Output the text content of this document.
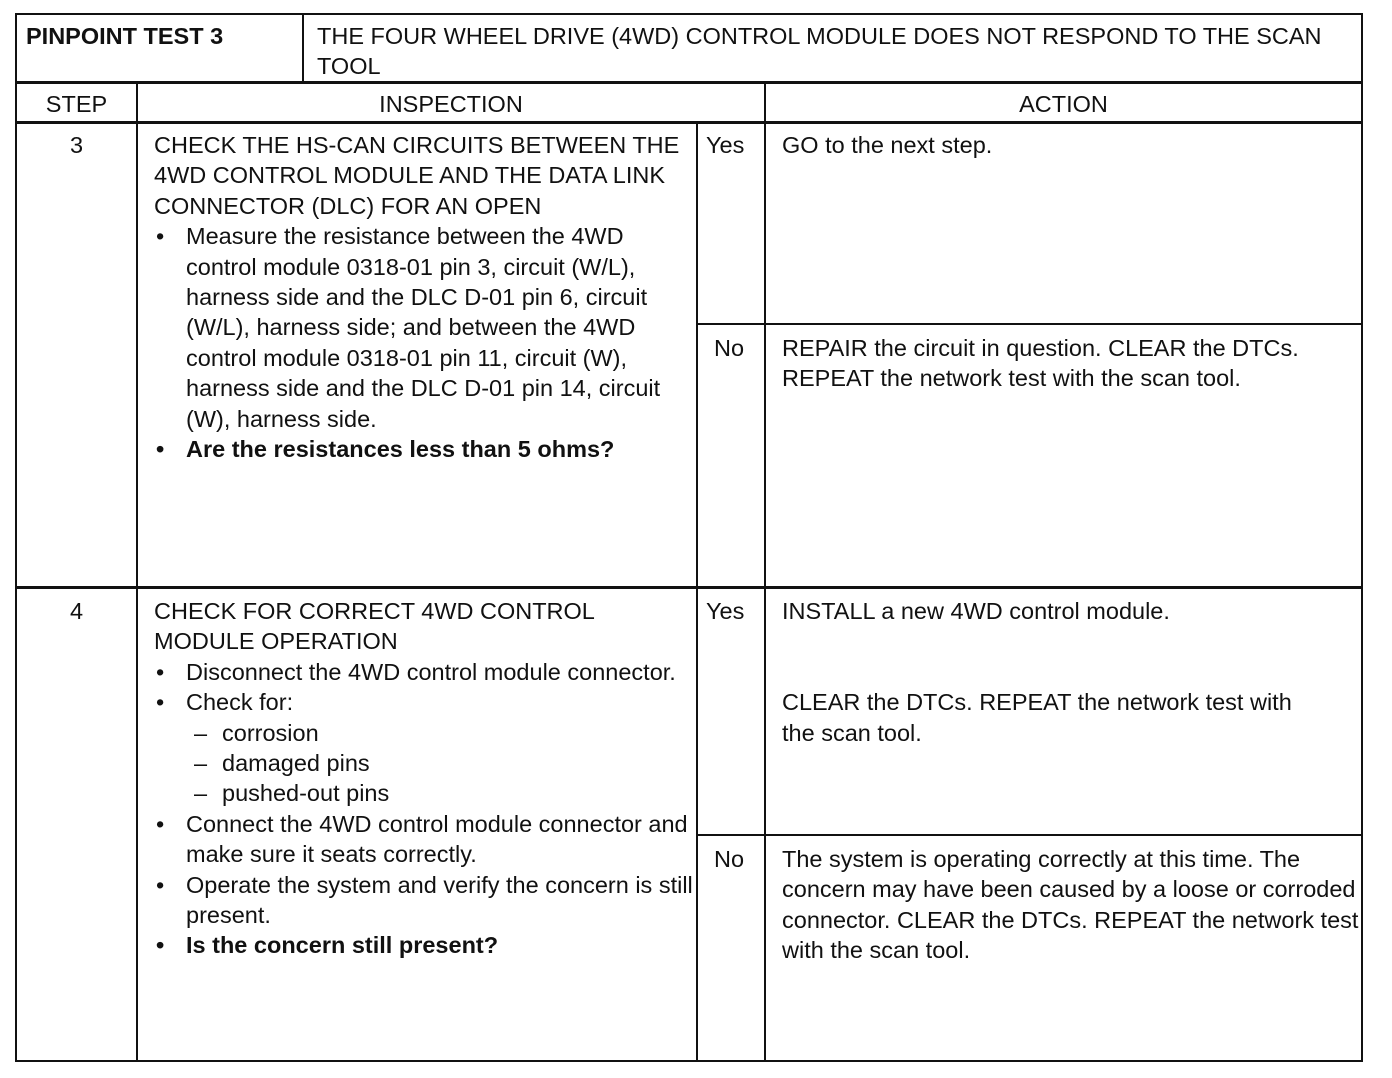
PINPOINT TEST 3	THE FOUR WHEEL DRIVE (4WD) CONTROL MODULE DOES NOT RESPOND TO THE SCAN TOOL
STEP	INSPECTION	ACTION
3	CHECK THE HS-CAN CIRCUITS BETWEEN THE 4WD CONTROL MODULE AND THE DATA LINK CONNECTOR (DLC) FOR AN OPEN
• Measure the resistance between the 4WD control module 0318-01 pin 3, circuit (W/L), harness side and the DLC D-01 pin 6, circuit (W/L), harness side; and between the 4WD control module 0318-01 pin 11, circuit (W), harness side and the DLC D-01 pin 14, circuit (W), harness side.
• Are the resistances less than 5 ohms?
Yes GO to the next step.
No REPAIR the circuit in question. CLEAR the DTCs. REPEAT the network test with the scan tool.
4	CHECK FOR CORRECT 4WD CONTROL MODULE OPERATION
• Disconnect the 4WD control module connector.
• Check for:
– corrosion
– damaged pins
– pushed-out pins
• Connect the 4WD control module connector and make sure it seats correctly.
• Operate the system and verify the concern is still present.
• Is the concern still present?
Yes INSTALL a new 4WD control module.
CLEAR the DTCs. REPEAT the network test with the scan tool.
No The system is operating correctly at this time. The concern may have been caused by a loose or corroded connector. CLEAR the DTCs. REPEAT the network test with the scan tool.
